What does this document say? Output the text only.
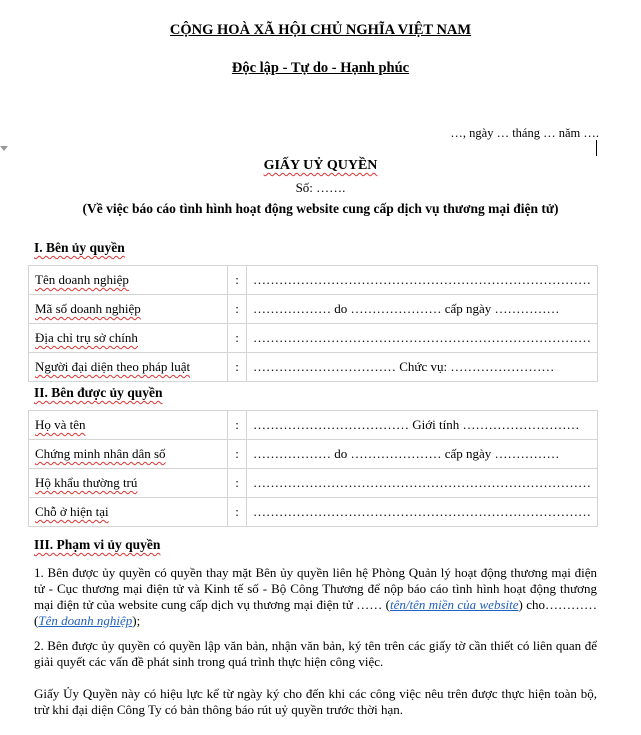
CỘNG HOÀ XÃ HỘI CHỦ NGHĨA VIỆT NAM
Độc lập - Tự do - Hạnh phúc
…, ngày … tháng … năm ….
GIẤY UỶ QUYỀN
Số: …….
(Về việc báo cáo tình hình hoạt động website cung cấp dịch vụ thương mại điện tử)
I. Bên ủy quyền
Tên doanh nghiệp	:	……………………………………………………………………
Mã số doanh nghiệp	:	……………… do ………………… cấp ngày ……………
Địa chỉ trụ sở chính	:	……………………………………………………………………
Người đại diện theo pháp luật	:	…………………………… Chức vụ: ……………………
II. Bên được ủy quyền
Họ và tên	:	……………………………… Giới tính ………………………
Chứng minh nhân dân số	:	……………… do ………………… cấp ngày ……………
Hộ khẩu thường trú	:	……………………………………………………………………
Chỗ ở hiện tại	:	……………………………………………………………………
III. Phạm vi ủy quyền
1. Bên được ủy quyền có quyền thay mặt Bên ủy quyền liên hệ Phòng Quản lý hoạt động thương mại điện tử - Cục thương mại điện tử và Kinh tế số - Bộ Công Thương để nộp báo cáo tình hình hoạt động thương mại điện tử của website cung cấp dịch vụ thương mại điện tử …… (tên/tên miền của website) cho………… (Tên doanh nghiệp);
2. Bên được ủy quyền có quyền lập văn bản, nhận văn bản, ký tên trên các giấy tờ cần thiết có liên quan để giải quyết các vấn đề phát sinh trong quá trình thực hiện công việc.
Giấy Ủy Quyền này có hiệu lực kể từ ngày ký cho đến khi các công việc nêu trên được thực hiện toàn bộ, trừ khi đại diện Công Ty có bản thông báo rút uỷ quyền trước thời hạn.
